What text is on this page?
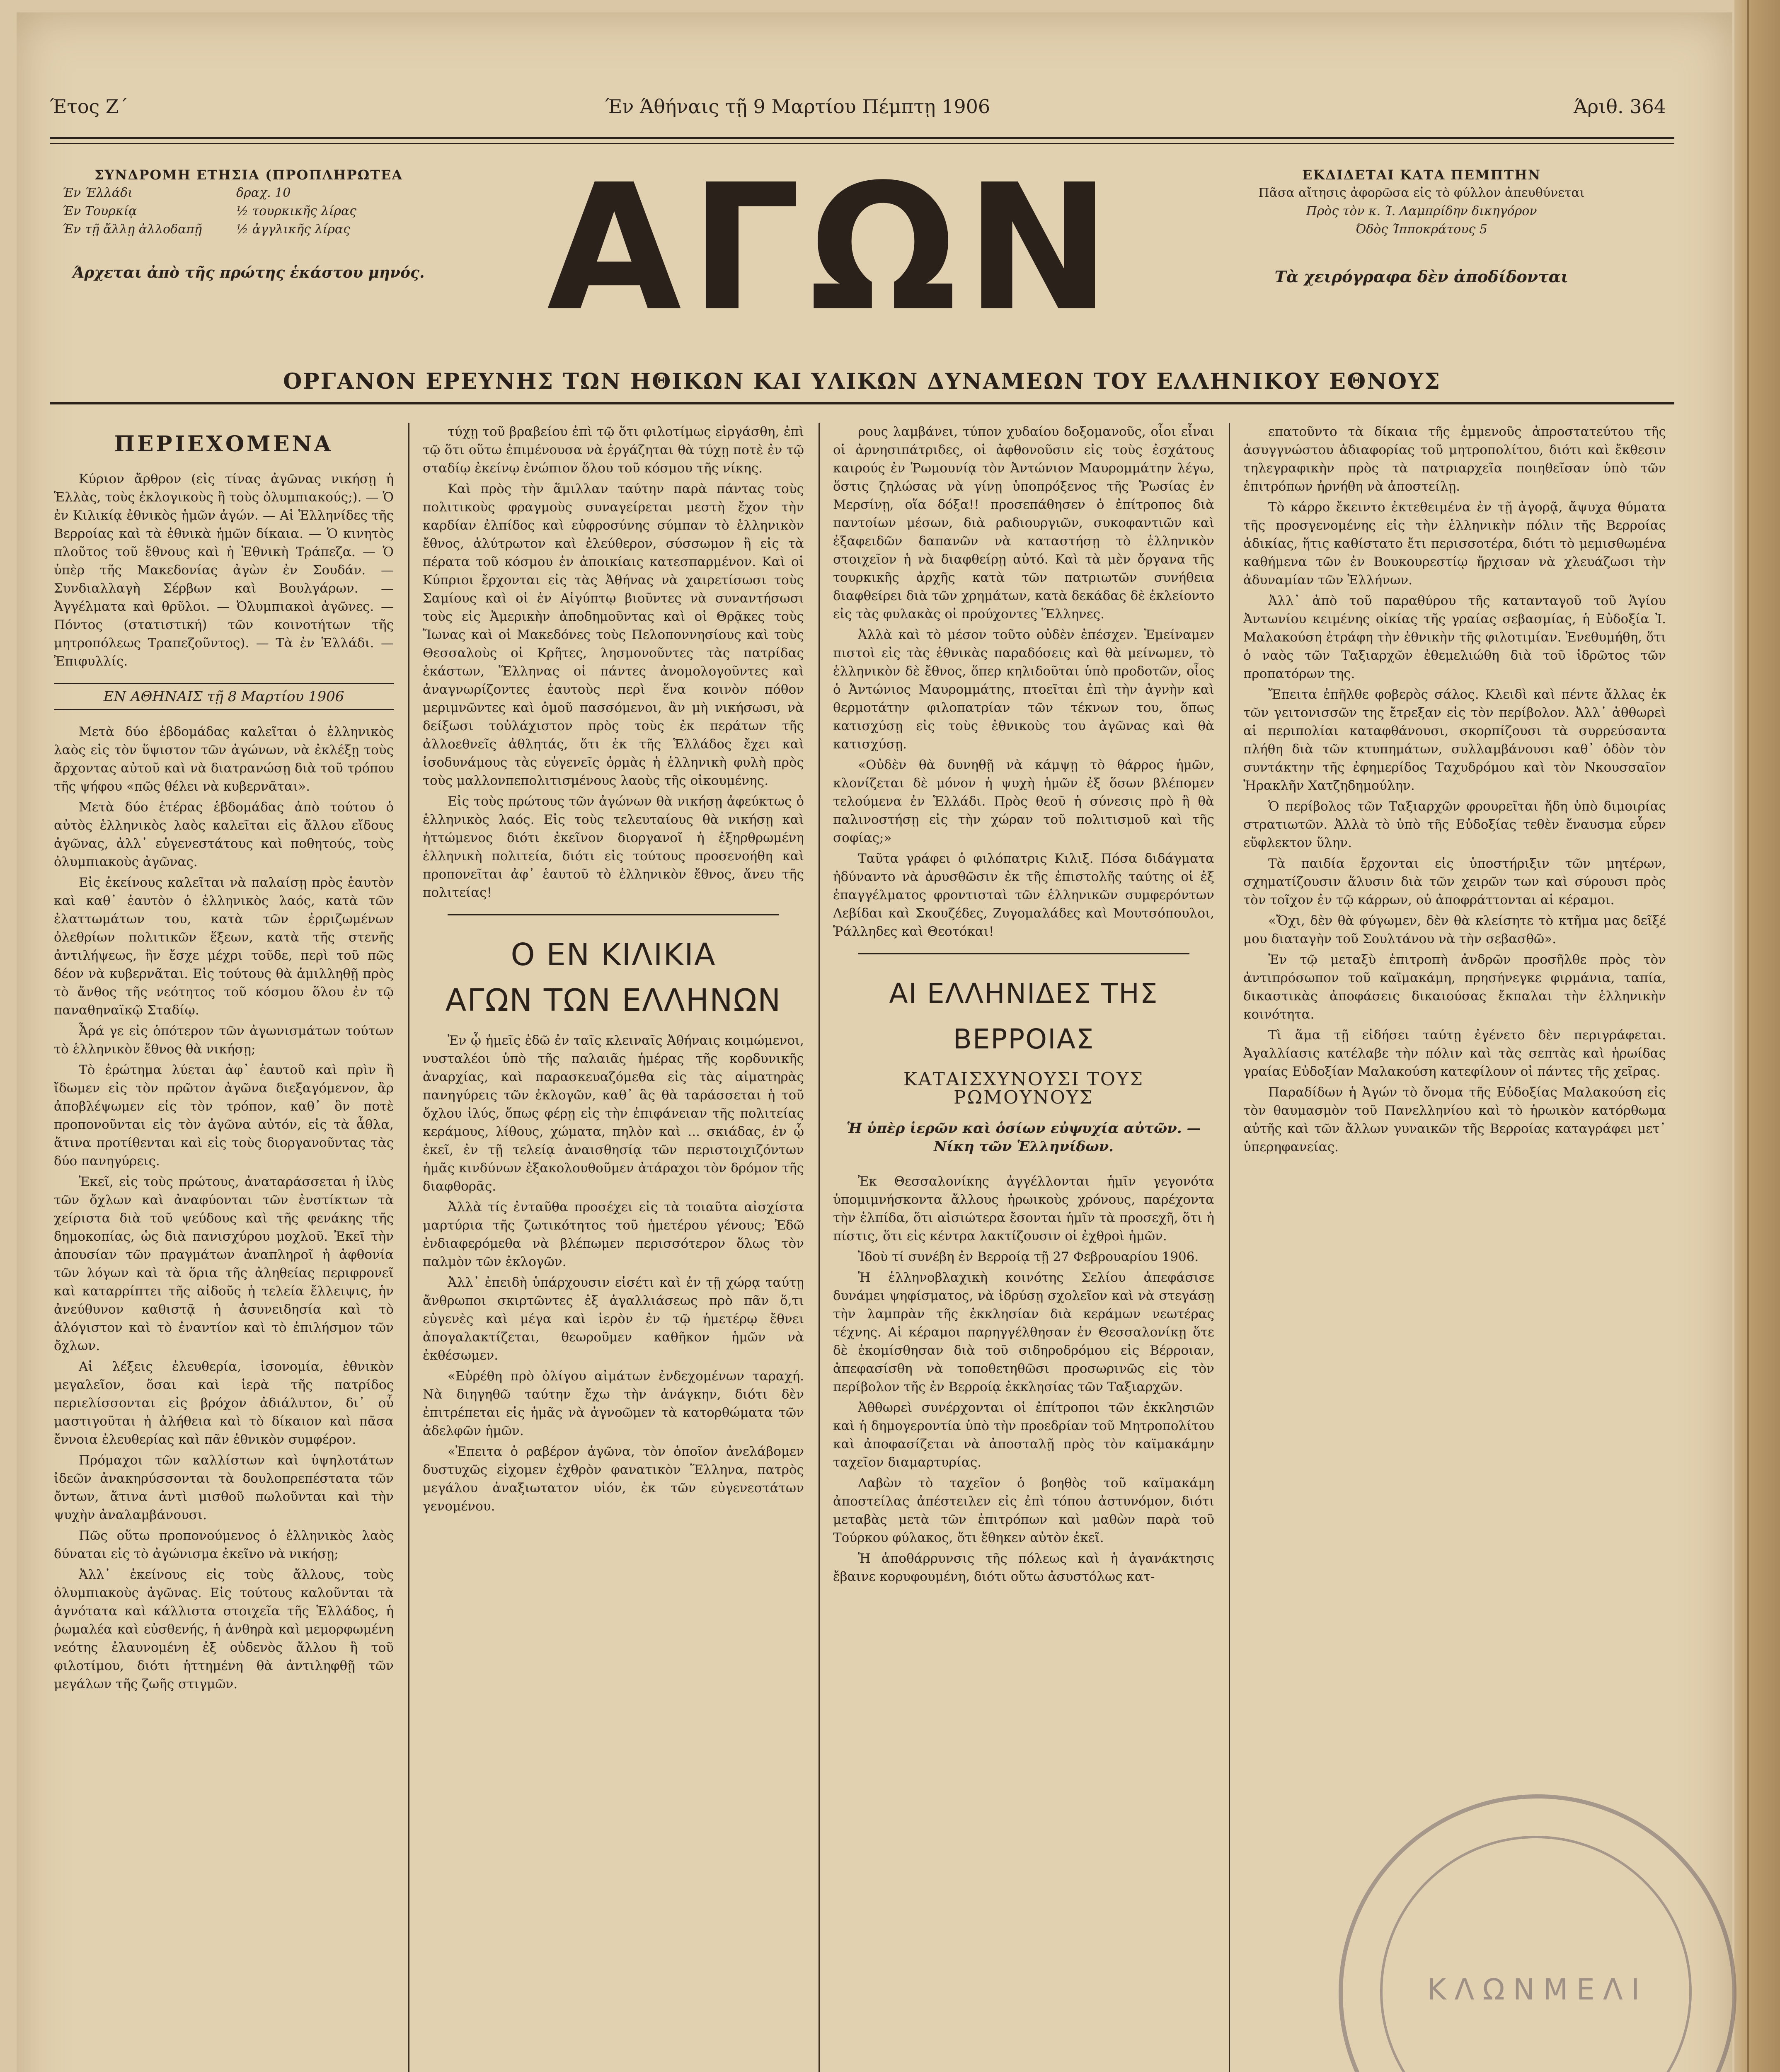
Έτος Ζ΄	Έν Άθήναις τῇ 9 Μαρτίου Πέμπτῃ 1906	Άριθ. 364
ΣΥΝΔΡΟΜΗ ΕΤΗΣΙΑ (ΠΡΟΠΛΗΡΩΤΕΑ
Έν Έλλάδι	δραχ. 10
Έν Τουρκίᾳ	½ τουρκικῆς λίρας
Έν τῇ ἄλλῃ ἀλλοδαπῇ	½ ἀγγλικῆς λίρας
Άρχεται ἀπὸ τῆς πρώτης ἑκάστου μηνός. ΑΓΩΝ	ΕΚΔΙΔΕΤΑΙ ΚΑΤΑ ΠΕΜΠΤΗΝ
Πᾶσα αἴτησις ἀφορῶσα εἰς τὸ φύλλον ἀπευθύνεται
Πρὸς τὸν κ. Ί. Λαμπρίδην δικηγόρον
Όδὸς Ίπποκράτους 5
Τὰ χειρόγραφα δὲν ἀποδίδονται
ΟΡΓΑΝΟΝ ΕΡΕΥΝΗΣ ΤΩΝ ΗΘΙΚΩΝ ΚΑΙ ΥΛΙΚΩΝ ΔΥΝΑΜΕΩΝ ΤΟΥ ΕΛΛΗΝΙΚΟΥ ΕΘΝΟΥΣ
ΠΕΡΙΕΧΟΜΕΝΑ
Κύριον ἄρθρον (εἰς τίνας ἀγῶνας νικήσῃ ἡ Ἑλλὰς, τοὺς ἐκλογικοὺς ἢ τοὺς ὀλυμπιακούς;). — Ὁ ἐν Κιλικίᾳ ἐθνικὸς ἡμῶν ἀγών. — Αἱ Ἑλληνίδες τῆς Βερροίας καὶ τὰ ἐθνικὰ ἡμῶν δίκαια. — Ὁ κινητὸς πλοῦτος τοῦ ἔθνους καὶ ἡ Ἐθνικὴ Τράπεζα. — Ὁ ὑπὲρ τῆς Μακεδονίας ἀγὼν ἐν Σουδάν. — Συνδιαλλαγὴ Σέρβων καὶ Βουλγάρων. — Ἀγγέλματα καὶ θρῦλοι. — Ὀλυμπιακοὶ ἀγῶνες. — Πόντος (στατιστική) τῶν κοινοτήτων τῆς μητροπόλεως Τραπεζοῦντος). — Τὰ ἐν Ἑλλάδι. — Ἐπιφυλλίς.
ΕΝ ΑΘΗΝΑΙΣ τῇ 8 Μαρτίου 1906

Μετὰ δύο ἑβδομάδας καλεῖται ὁ ἑλληνικὸς λαὸς εἰς τὸν ὕψιστον τῶν ἀγώνων, νὰ ἐκλέξῃ τοὺς ἄρχοντας αὐτοῦ καὶ νὰ διατρανώσῃ διὰ τοῦ τρόπου τῆς ψήφου «πῶς θέλει νὰ κυβερνᾶται».

Μετὰ δύο ἑτέρας ἑβδομάδας ἀπὸ τούτου ὁ αὐτὸς ἑλληνικὸς λαὸς καλεῖται εἰς ἄλλου εἴδους ἀγῶνας, ἀλλ᾽ εὐγενεστάτους καὶ ποθητούς, τοὺς ὀλυμπιακοὺς ἀγῶνας.

Εἰς ἐκείνους καλεῖται νὰ παλαίσῃ πρὸς ἑαυτὸν καὶ καθ᾽ ἑαυτὸν ὁ ἑλληνικὸς λαός, κατὰ τῶν ἐλαττωμάτων του, κατὰ τῶν ἐρριζωμένων ὀλεθρίων πολιτικῶν ἕξεων, κατὰ τῆς στενῆς ἀντιλήψεως, ἣν ἔσχε μέχρι τοῦδε, περὶ τοῦ πῶς δέον νὰ κυβερνᾶται. Εἰς τούτους θὰ ἁμιλληθῇ πρὸς τὸ ἄνθος τῆς νεότητος τοῦ κόσμου ὅλου ἐν τῷ παναθηναϊκῷ Σταδίῳ.

Ἆρά γε εἰς ὁπότερον τῶν ἀγωνισμάτων τούτων τὸ ἑλληνικὸν ἔθνος θὰ νικήσῃ;

Τὸ ἐρώτημα λύεται ἀφ᾽ ἑαυτοῦ καὶ πρὶν ἢ ἴδωμεν εἰς τὸν πρῶτον ἀγῶνα διεξαγόμενον, ἂρ ἀποβλέψωμεν εἰς τὸν τρόπον, καθ᾽ ὃν ποτὲ προπονοῦνται εἰς τὸν ἀγῶνα αὐτόν, εἰς τὰ ἆθλα, ἅτινα προτίθενται καὶ εἰς τοὺς διοργανοῦντας τὰς δύο πανηγύρεις.

Ἐκεῖ, εἰς τοὺς πρώτους, ἀναταράσσεται ἡ ἰλὺς τῶν ὄχλων καὶ ἀναφύονται τῶν ἐνστίκτων τὰ χείριστα διὰ τοῦ ψεύδους καὶ τῆς φενάκης τῆς δημοκοπίας, ὡς διὰ πανισχύρου μοχλοῦ. Ἐκεῖ τὴν ἀπουσίαν τῶν πραγμάτων ἀναπληροῖ ἡ ἀφθονία τῶν λόγων καὶ τὰ ὅρια τῆς ἀληθείας περιφρονεῖ καὶ καταρρίπτει τῆς αἰδοῦς ἡ τελεία ἔλλειψις, ἡν ἀνεύθυνον καθιστᾷ ἡ ἀσυνειδησία καὶ τὸ ἀλόγιστον καὶ τὸ ἐναντίον καὶ τὸ ἐπιλήσμον τῶν ὄχλων.

Αἱ λέξεις ἐλευθερία, ἰσονομία, ἐθνικὸν μεγαλεῖον, ὅσαι καὶ ἱερὰ τῆς πατρίδος περιελίσσονται εἰς βρόχον ἀδιάλυτον, δι᾽ οὗ μαστιγοῦται ἡ ἀλήθεια καὶ τὸ δίκαιον καὶ πᾶσα ἔννοια ἐλευθερίας καὶ πᾶν ἐθνικὸν συμφέρον.

Πρόμαχοι τῶν καλλίστων καὶ ὑψηλοτάτων ἰδεῶν ἀνακηρύσσονται τὰ δουλοπρεπέστατα τῶν ὄντων, ἅτινα ἀντὶ μισθοῦ πωλοῦνται καὶ τὴν ψυχὴν ἀναλαμβάνουσι.

Πῶς οὕτω προπονούμενος ὁ ἑλληνικὸς λαὸς δύναται εἰς τὸ ἀγώνισμα ἐκεῖνο νὰ νικήσῃ;

Ἀλλ᾽ ἐκείνους εἰς τοὺς ἄλλους, τοὺς ὀλυμπιακοὺς ἀγῶνας. Εἰς τούτους καλοῦνται τὰ ἁγνότατα καὶ κάλλιστα στοιχεῖα τῆς Ἑλλάδος, ἡ ῥωμαλέα καὶ εὐσθενής, ἡ ἀνθηρὰ καὶ μεμορφωμένη νεότης ἐλαυνομένη ἐξ οὐδενὸς ἄλλου ἢ τοῦ φιλοτίμου, διότι ἡττημένη θὰ ἀντιληφθῇ τῶν μεγάλων τῆς ζωῆς στιγμῶν.

τύχῃ τοῦ βραβείου ἐπὶ τῷ ὅτι φιλοτίμως εἰργάσθη, ἐπὶ τῷ ὅτι οὕτω ἐπιμένουσα νὰ ἐργάζηται θὰ τύχῃ ποτὲ ἐν τῷ σταδίῳ ἐκείνῳ ἐνώπιον ὅλου τοῦ κόσμου τῆς νίκης.

Καὶ πρὸς τὴν ἅμιλλαν ταύτην παρὰ πάντας τοὺς πολιτικοὺς φραγμοὺς συναγείρεται μεστὴ ἔχον τὴν καρδίαν ἐλπίδος καὶ εὐφροσύνης σύμπαν τὸ ἑλληνικὸν ἔθνος, ἀλύτρωτον καὶ ἐλεύθερον, σύσσωμον ἢ εἰς τὰ πέρατα τοῦ κόσμου ἐν ἀποικίαις κατεσπαρμένον. Καὶ οἱ Κύπριοι ἔρχονται εἰς τὰς Ἀθήνας νὰ χαιρετίσωσι τοὺς Σαμίους καὶ οἱ ἐν Αἰγύπτῳ βιοῦντες νὰ συναντήσωσι τοὺς εἰς Ἀμερικὴν ἀποδημοῦντας καὶ οἱ Θρᾷκες τοὺς Ἴωνας καὶ οἱ Μακεδόνες τοὺς Πελοποννησίους καὶ τοὺς Θεσσαλοὺς οἱ Κρῆτες, λησμονοῦντες τὰς πατρίδας ἑκάστων, Ἕλληνας οἱ πάντες ἀνομολογοῦντες καὶ ἀναγνωρίζοντες ἑαυτοὺς περὶ ἕνα κοινὸν πόθον μεριμνῶντες καὶ ὁμοῦ πασσόμενοι, ἂν μὴ νικήσωσι, νὰ δείξωσι τοὐλάχιστον πρὸς τοὺς ἐκ περάτων τῆς ἀλλοεθνεῖς ἀθλητάς, ὅτι ἐκ τῆς Ἑλλάδος ἔχει καὶ ἰσοδυνάμους τὰς εὐγενεῖς ὁρμὰς ἡ ἑλληνικὴ φυλὴ πρὸς τοὺς μαλλονπεπολιτισμένους λαοὺς τῆς οἰκουμένης.

Εἰς τοὺς πρώτους τῶν ἀγώνων θὰ νικήσῃ ἀφεύκτως ὁ ἑλληνικὸς λαός. Εἰς τοὺς τελευταίους θὰ νικήσῃ καὶ ἡττώμενος διότι ἐκεῖνον διοργανοῖ ἡ ἐξηρθρωμένη ἑλληνικὴ πολιτεία, διότι εἰς τούτους προσενοήθη καὶ προπονεῖται ἀφ᾽ ἑαυτοῦ τὸ ἑλληνικὸν ἔθνος, ἄνευ τῆς πολιτείας!

Ο ΕΝ ΚΙΛΙΚΙΑ
ΑΓΩΝ ΤΩΝ ΕΛΛΗΝΩΝ

Ἐν ᾧ ἡμεῖς ἐδῶ ἐν ταῖς κλειναῖς Ἀθήναις κοιμώμενοι, νυσταλέοι ὑπὸ τῆς παλαιᾶς ἡμέρας τῆς κορδυνικῆς ἀναρχίας, καὶ παρασκευαζόμεθα εἰς τὰς αἱματηρὰς πανηγύρεις τῶν ἐκλογῶν, καθ᾽ ἃς θὰ ταράσσεται ἡ τοῦ ὄχλου ἰλύς, ὅπως φέρῃ εἰς τὴν ἐπιφάνειαν τῆς πολιτείας κεράμους, λίθους, χώματα, πηλὸν καὶ ... σκιάδας, ἐν ᾧ ἐκεῖ, ἐν τῇ τελείᾳ ἀναισθησίᾳ τῶν περιστοιχιζόντων ἡμᾶς κινδύνων ἐξακολουθοῦμεν ἀτάραχοι τὸν δρόμον τῆς διαφθορᾶς.

Ἀλλὰ τίς ἐνταῦθα προσέχει εἰς τὰ τοιαῦτα αἰσχίστα μαρτύρια τῆς ζωτικότητος τοῦ ἡμετέρου γένους; Ἐδῶ ἐνδιαφερόμεθα νὰ βλέπωμεν περισσότερον ὅλως τὸν παλμὸν τῶν ἐκλογῶν.

Ἀλλ᾽ ἐπειδὴ ὑπάρχουσιν εἰσέτι καὶ ἐν τῇ χώρᾳ ταύτῃ ἄνθρωποι σκιρτῶντες ἐξ ἀγαλλιάσεως πρὸ πᾶν ὅ,τι εὐγενὲς καὶ μέγα καὶ ἱερὸν ἐν τῷ ἡμετέρῳ ἔθνει ἀπογαλακτίζεται, θεωροῦμεν καθῆκον ἡμῶν νὰ ἐκθέσωμεν.

«Εὑρέθη πρὸ ὀλίγου αἰμάτων ἐνδεχομένων ταραχή. Νὰ διηγηθῶ ταύτην ἔχω τὴν ἀνάγκην, διότι δὲν ἐπιτρέπεται εἰς ἡμᾶς νὰ ἀγνοῶμεν τὰ κατορθώματα τῶν ἀδελφῶν ἡμῶν.

«Ἐπειτα ὁ ραβέρον ἀγῶνα, τὸν ὁποῖον ἀνελάβομεν δυστυχῶς εἰχομεν ἐχθρὸν φανατικὸν Ἕλληνα, πατρὸς μεγάλου ἀναξιωτατον υἱόν, ἐκ τῶν εὐγενεστάτων γενομένου.

ρους λαμβάνει, τύπον χυδαίου δοξομανοῦς, οἷοι εἶναι οἱ ἀρνησιπάτριδες, οἱ ἀφθονοῦσιν εἰς τοὺς ἐσχάτους καιρούς ἐν Ῥωμουνίᾳ τὸν Ἀντώνιον Μαυρομμάτην λέγω, ὅστις ζηλώσας νὰ γίνῃ ὑποπρόξενος τῆς Ῥωσίας ἐν Μερσίνῃ, οἵα δόξα!! προσεπάθησεν ὁ ἐπίτροπος διὰ παντοίων μέσων, διὰ ραδιουργιῶν, συκοφαντιῶν καὶ ἐξαφειδῶν δαπανῶν νὰ καταστήσῃ τὸ ἑλληνικὸν στοιχεῖον ἡ νὰ διαφθείρῃ αὐτό. Καὶ τὰ μὲν ὄργανα τῆς τουρκικῆς ἀρχῆς κατὰ τῶν πατριωτῶν συνήθεια διαφθείρει διὰ τῶν χρημάτων, κατὰ δεκάδας δὲ ἐκλείοντο εἰς τὰς φυλακὰς οἱ προύχοντες Ἕλληνες.

Ἀλλὰ καὶ τὸ μέσον τοῦτο οὐδὲν ἐπέσχεν. Ἐμείναμεν πιστοὶ εἰς τὰς ἐθνικὰς παραδόσεις καὶ θὰ μείνωμεν, τὸ ἑλληνικὸν δὲ ἔθνος, ὅπερ κηλιδοῦται ὑπὸ προδοτῶν, οἷος ὁ Ἀντώνιος Μαυρομμάτης, πτοεῖται ἐπὶ τὴν ἁγνὴν καὶ θερμοτάτην φιλοπατρίαν τῶν τέκνων του, ὅπως κατισχύσῃ εἰς τοὺς ἐθνικοὺς του ἀγῶνας καὶ θὰ κατισχύσῃ.

«Οὐδὲν θὰ δυνηθῇ νὰ κάμψῃ τὸ θάρρος ἡμῶν, κλονίζεται δὲ μόνον ἡ ψυχὴ ἡμῶν ἐξ ὅσων βλέπομεν τελούμενα ἐν Ἑλλάδι. Πρὸς θεοῦ ἡ σύνεσις πρὸ ἢ θὰ παλινοστήσῃ εἰς τὴν χώραν τοῦ πολιτισμοῦ καὶ τῆς σοφίας;»

Ταῦτα γράφει ὁ φιλόπατρις Κιλιξ. Πόσα διδάγματα ἠδύναντο νὰ ἀρυσθῶσιν ἐκ τῆς ἐπιστολῆς ταύτης οἱ ἐξ ἐπαγγέλματος φροντισταὶ τῶν ἑλληνικῶν συμφερόντων Λεβίδαι καὶ Σκουζέδες, Ζυγομαλάδες καὶ Μουτσόπουλοι, Ῥάλληδες καὶ Θεοτόκαι!

ΑΙ ΕΛΛΗΝΙΔΕΣ ΤΗΣ ΒΕΡΡΟΙΑΣ
ΚΑΤΑΙΣΧΥΝΟΥΣΙ ΤΟΥΣ ΡΩΜΟΥΝΟΥΣ
Ἡ ὑπὲρ ἱερῶν καὶ ὁσίων εὐψυχία αὐτῶν. — Νίκη τῶν Ἑλληνίδων.

Ἐκ Θεσσαλονίκης ἀγγέλλονται ἡμῖν γεγονότα ὑπομιμνήσκοντα ἄλλους ἡρωικοὺς χρόνους, παρέχοντα τὴν ἐλπίδα, ὅτι αἰσιώτερα ἔσονται ἡμῖν τὰ προσεχῆ, ὅτι ἡ πίστις, ὅτι εἰς κέντρα λακτίζουσιν οἱ ἐχθροὶ ἡμῶν.

Ἰδοὺ τί συνέβη ἐν Βερροίᾳ τῇ 27 Φεβρουαρίου 1906.

Ἡ ἑλληνοβλαχικὴ κοινότης Σελίου ἀπεφάσισε δυνάμει ψηφίσματος, νὰ ἱδρύσῃ σχολεῖον καὶ νὰ στεγάσῃ τὴν λαμπρὰν τῆς ἐκκλησίαν διὰ κεράμων νεωτέρας τέχνης. Αἱ κέραμοι παρηγγέλθησαν ἐν Θεσσαλονίκῃ ὅτε δὲ ἐκομίσθησαν διὰ τοῦ σιδηροδρόμου εἰς Βέρροιαν, ἀπεφασίσθη νὰ τοποθετηθῶσι προσωρινῶς εἰς τὸν περίβολον τῆς ἐν Βερροίᾳ ἐκκλησίας τῶν Ταξιαρχῶν.

Ἀθθωρεὶ συνέρχονται οἱ ἐπίτροποι τῶν ἐκκλησιῶν καὶ ἡ δημογεροντία ὑπὸ τὴν προεδρίαν τοῦ Μητροπολίτου καὶ ἀποφασίζεται νὰ ἀποσταλῇ πρὸς τὸν καϊμακάμην ταχεῖον διαμαρτυρίας.

Λαβὼν τὸ ταχεῖον ὁ βοηθὸς τοῦ καϊμακάμη ἀποστείλας ἀπέστειλεν εἰς ἐπὶ τόπου ἀστυνόμον, διότι μεταβὰς μετὰ τῶν ἐπιτρόπων καὶ μαθὼν παρὰ τοῦ Τούρκου φύλακος, ὅτι ἔθηκεν αὐτὸν ἐκεῖ.

Ἡ ἀποθάρρυνσις τῆς πόλεως καὶ ἡ ἀγανάκτησις ἔβαινε κορυφουμένη, διότι οὕτω ἀσυστόλως κατ-

επατοῦντο τὰ δίκαια τῆς ἐμμενοῦς ἀπροστατεύτου τῆς ἀσυγγνώστου ἀδιαφορίας τοῦ μητροπολίτου, διότι καὶ ἔκθεσιν τηλεγραφικὴν πρὸς τὰ πατριαρχεῖα ποιηθεῖσαν ὑπὸ τῶν ἐπιτρόπων ἠρνήθη νὰ ἀποστείλῃ.

Τὸ κάρρο ἔκειντο ἐκτεθειμένα ἐν τῇ ἀγορᾷ, ἄψυχα θύματα τῆς προσγενομένης εἰς τὴν ἑλληνικὴν πόλιν τῆς Βερροίας ἀδικίας, ἥτις καθίστατο ἔτι περισσοτέρα, διότι τὸ μεμισθωμένα καθήμενα τῶν ἐν Βουκουρεστίῳ ἤρχισαν νὰ χλευάζωσι τὴν ἀδυναμίαν τῶν Ἑλλήνων.

Ἀλλ᾽ ἀπὸ τοῦ παραθύρου τῆς κατανταγοῦ τοῦ Ἁγίου Ἀντωνίου κειμένης οἰκίας τῆς γραίας σεβασμίας, ἡ Εὐδοξία Ἰ. Μαλακούση ἐτράφη τὴν ἐθνικὴν τῆς φιλοτιμίαν. Ἐνεθυμήθη, ὅτι ὁ ναὸς τῶν Ταξιαρχῶν ἐθεμελιώθη διὰ τοῦ ἱδρῶτος τῶν προπατόρων της.

Ἔπειτα ἐπῆλθε φοβερὸς σάλος. Κλειδὶ καὶ πέντε ἄλλας ἐκ τῶν γειτονισσῶν της ἔτρεξαν εἰς τὸν περίβολον. Ἀλλ᾽ ἀθθωρεὶ αἱ περιπολίαι καταφθάνουσι, σκορπίζουσι τὰ συρρεύσαντα πλήθη διὰ τῶν κτυπημάτων, συλλαμβάνουσι καθ᾽ ὁδὸν τὸν συντάκτην τῆς ἐφημερίδος Ταχυδρόμου καὶ τὸν Νκουσσαῖον Ἠρακλῆν Χατζηδημούλην.

Ὁ περίβολος τῶν Ταξιαρχῶν φρουρεῖται ἤδη ὑπὸ διμοιρίας στρατιωτῶν. Ἀλλὰ τὸ ὑπὸ τῆς Εὐδοξίας τεθὲν ἔναυσμα εὗρεν εὔφλεκτον ὕλην.

Τὰ παιδία ἔρχονται εἰς ὑποστήριξιν τῶν μητέρων, σχηματίζουσιν ἅλυσιν διὰ τῶν χειρῶν των καὶ σύρουσι πρὸς τὸν τοῖχον ἐν τῷ κάρρων, οὐ ἀποφράττονται αἱ κέραμοι.

«Ὄχι, δὲν θὰ φύγωμεν, δὲν θὰ κλείσητε τὸ κτῆμα μας δεῖξέ μου διαταγὴν τοῦ Σουλτάνου νὰ τὴν σεβασθῶ».

Ἐν τῷ μεταξὺ ἐπιτροπὴ ἀνδρῶν προσῆλθε πρὸς τὸν ἀντιπρόσωπον τοῦ καϊμακάμη, πρησήνεγκε φιρμάνια, ταπία, δικαστικὰς ἀποφάσεις δικαιούσας ἔκπαλαι τὴν ἑλληνικὴν κοινότητα.

Τὶ ἅμα τῇ εἰδήσει ταύτῃ ἐγένετο δὲν περιγράφεται. Ἀγαλλίασις κατέλαβε τὴν πόλιν καὶ τὰς σεπτὰς καὶ ἡρωίδας γραίας Εὐδοξίαν Μαλακούση κατεφίλουν οἱ πάντες τῆς χεῖρας.

Παραδίδων ἡ Ἀγών τὸ ὄνομα τῆς Εὐδοξίας Μαλακούση εἰς τὸν θαυμασμὸν τοῦ Πανελληνίου καὶ τὸ ἡρωικὸν κατόρθωμα αὐτῆς καὶ τῶν ἄλλων γυναικῶν τῆς Βερροίας καταγράφει μετ᾽ ὑπερηφανείας.

ΚΛΩΝΜΕΛΙ
